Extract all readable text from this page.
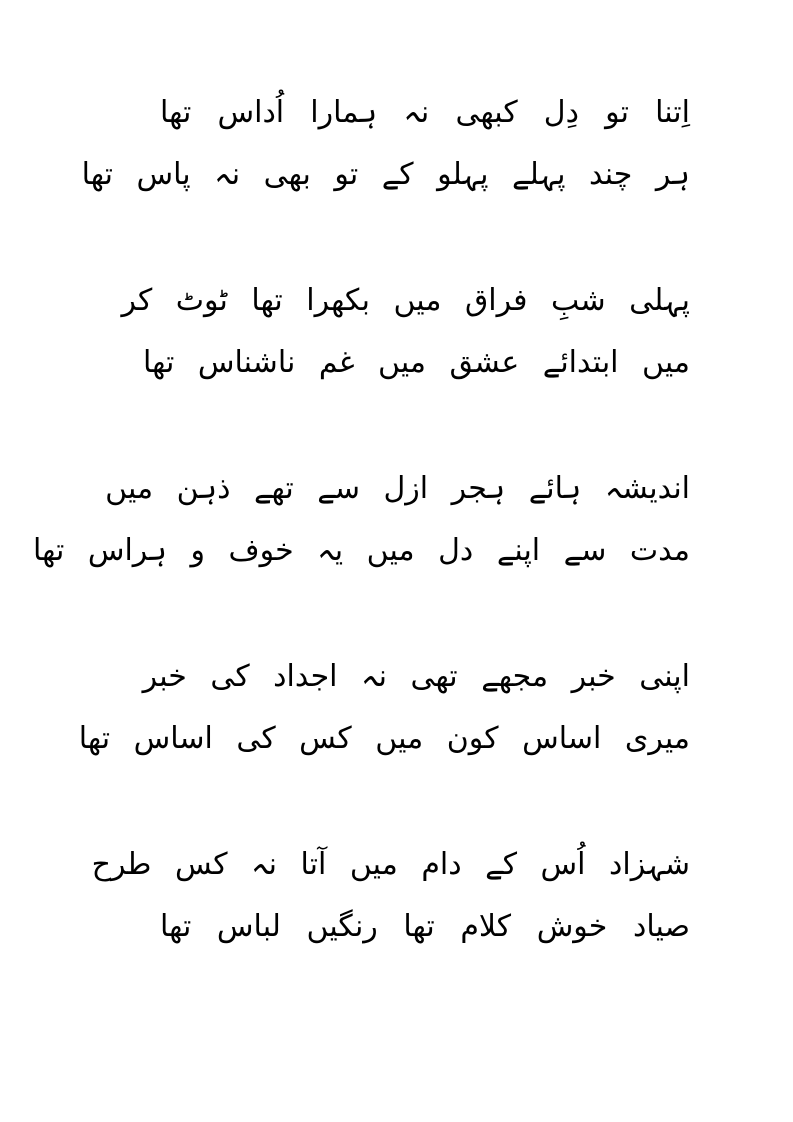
اِتنا تو دِل کبھی نہ ہمارا اُداس تھا
ہر چند پہلے پہلو کے تو بھی نہ پاس تھا
پہلی شبِ فراق میں بکھرا تھا ٹوٹ کر
میں ابتدائے عشق میں غم ناشناس تھا
اندیشہ ہائے ہجر ازل سے تھے ذہن میں
مدت سے اپنے دل میں یہ خوف و ہراس تھا
اپنی خبر مجھے تھی نہ اجداد کی خبر
میری اساس کون میں کس کی اساس تھا
شہزاد اُس کے دام میں آتا نہ کس طرح
صیاد خوش کلام تھا رنگیں لباس تھا
